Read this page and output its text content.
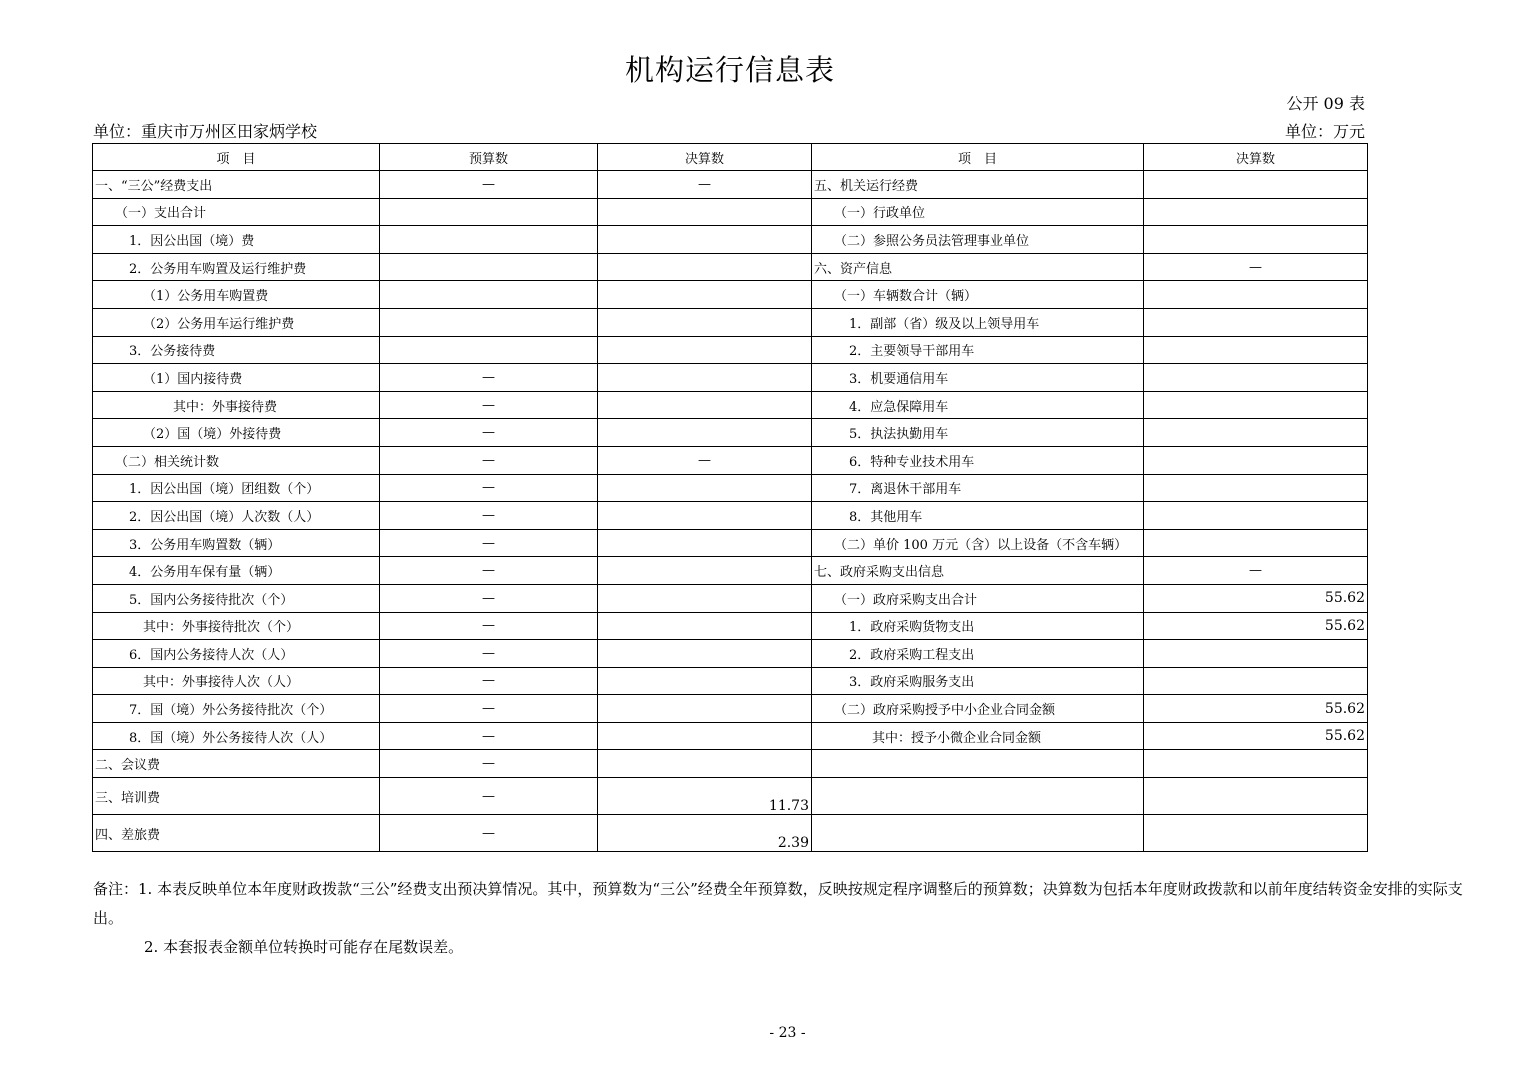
机构运行信息表
公开 09 表
单位：重庆市万州区田家炳学校	单位：万元
项　目	预算数	决算数	项　目	决算数
一、“三公”经费支出	—	—	五、机关运行经费	
（一）支出合计			（一）行政单位	
1．因公出国（境）费			（二）参照公务员法管理事业单位	
2．公务用车购置及运行维护费			六、资产信息	—
（1）公务用车购置费			（一）车辆数合计（辆）	
（2）公务用车运行维护费			1．副部（省）级及以上领导用车	
3．公务接待费			2．主要领导干部用车	
（1）国内接待费	—		3．机要通信用车	
其中：外事接待费	—		4．应急保障用车	
（2）国（境）外接待费	—		5．执法执勤用车	
（二）相关统计数	—	—	6．特种专业技术用车	
1．因公出国（境）团组数（个）	—		7．离退休干部用车	
2．因公出国（境）人次数（人）	—		8．其他用车	
3．公务用车购置数（辆）	—		（二）单价 100 万元（含）以上设备（不含车辆）	
4．公务用车保有量（辆）	—		七、政府采购支出信息	—
5．国内公务接待批次（个）	—		（一）政府采购支出合计	55.62
其中：外事接待批次（个）	—		1．政府采购货物支出	55.62
6．国内公务接待人次（人）	—		2．政府采购工程支出	
其中：外事接待人次（人）	—		3．政府采购服务支出	
7．国（境）外公务接待批次（个）	—		（二）政府采购授予中小企业合同金额	55.62
8．国（境）外公务接待人次（人）	—		其中：授予小微企业合同金额	55.62
二、会议费	—			
三、培训费	—	11.73		
四、差旅费	—	2.39		
备注：1. 本表反映单位本年度财政拨款“三公”经费支出预决算情况。其中，预算数为“三公”经费全年预算数，反映按规定程序调整后的预算数；决算数为包括本年度财政拨款和以前年度结转资金安排的实际支出。
2. 本套报表金额单位转换时可能存在尾数误差。
- 23 -
